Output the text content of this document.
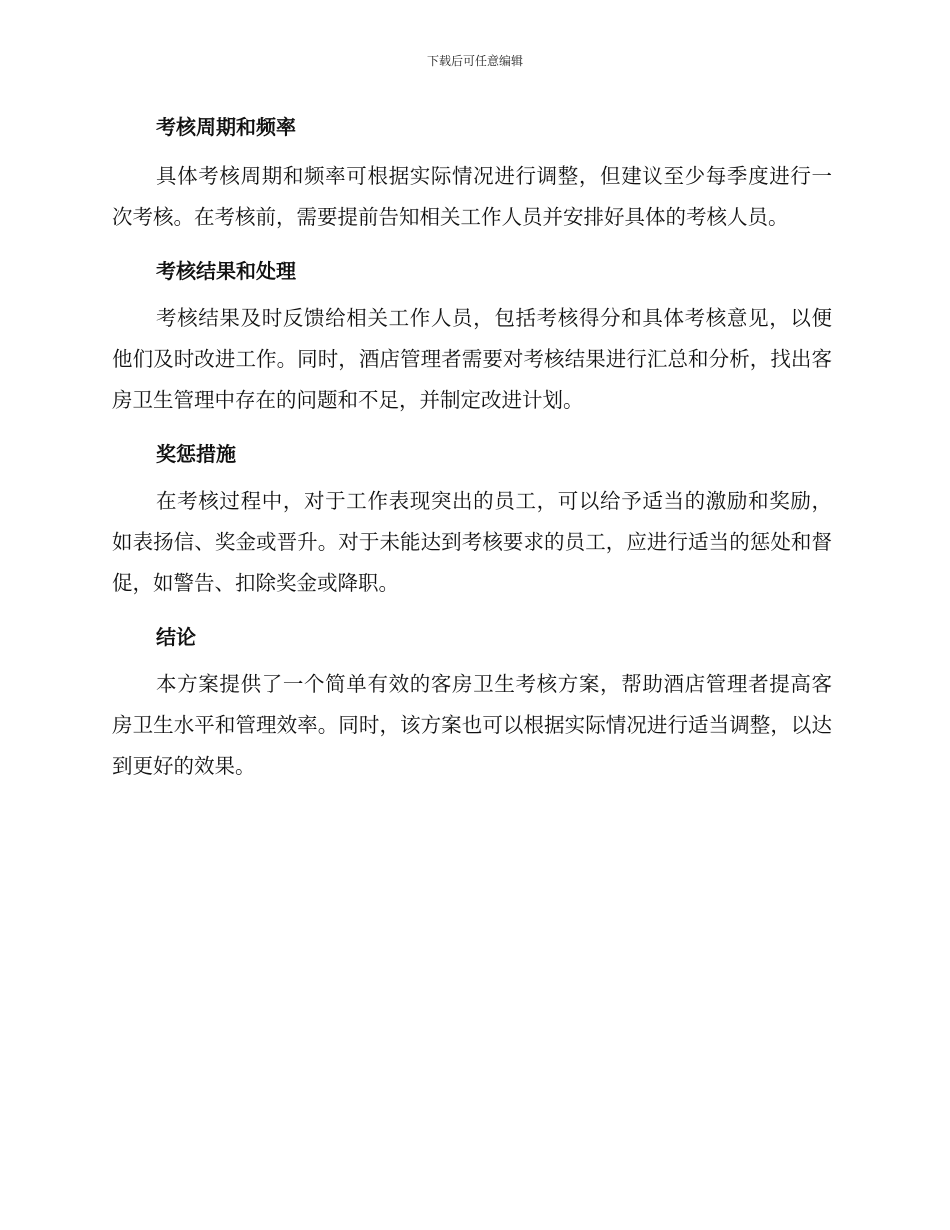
下载后可任意编辑
考核周期和频率

具体考核周期和频率可根据实际情况进行调整，但建议至少每季度进行一次考核。在考核前，需要提前告知相关工作人员并安排好具体的考核人员。

考核结果和处理

考核结果及时反馈给相关工作人员，包括考核得分和具体考核意见，以便他们及时改进工作。同时，酒店管理者需要对考核结果进行汇总和分析，找出客房卫生管理中存在的问题和不足，并制定改进计划。

奖惩措施

在考核过程中，对于工作表现突出的员工，可以给予适当的激励和奖励，如表扬信、奖金或晋升。对于未能达到考核要求的员工，应进行适当的惩处和督促，如警告、扣除奖金或降职。

结论

本方案提供了一个简单有效的客房卫生考核方案，帮助酒店管理者提高客房卫生水平和管理效率。同时，该方案也可以根据实际情况进行适当调整，以达到更好的效果。
